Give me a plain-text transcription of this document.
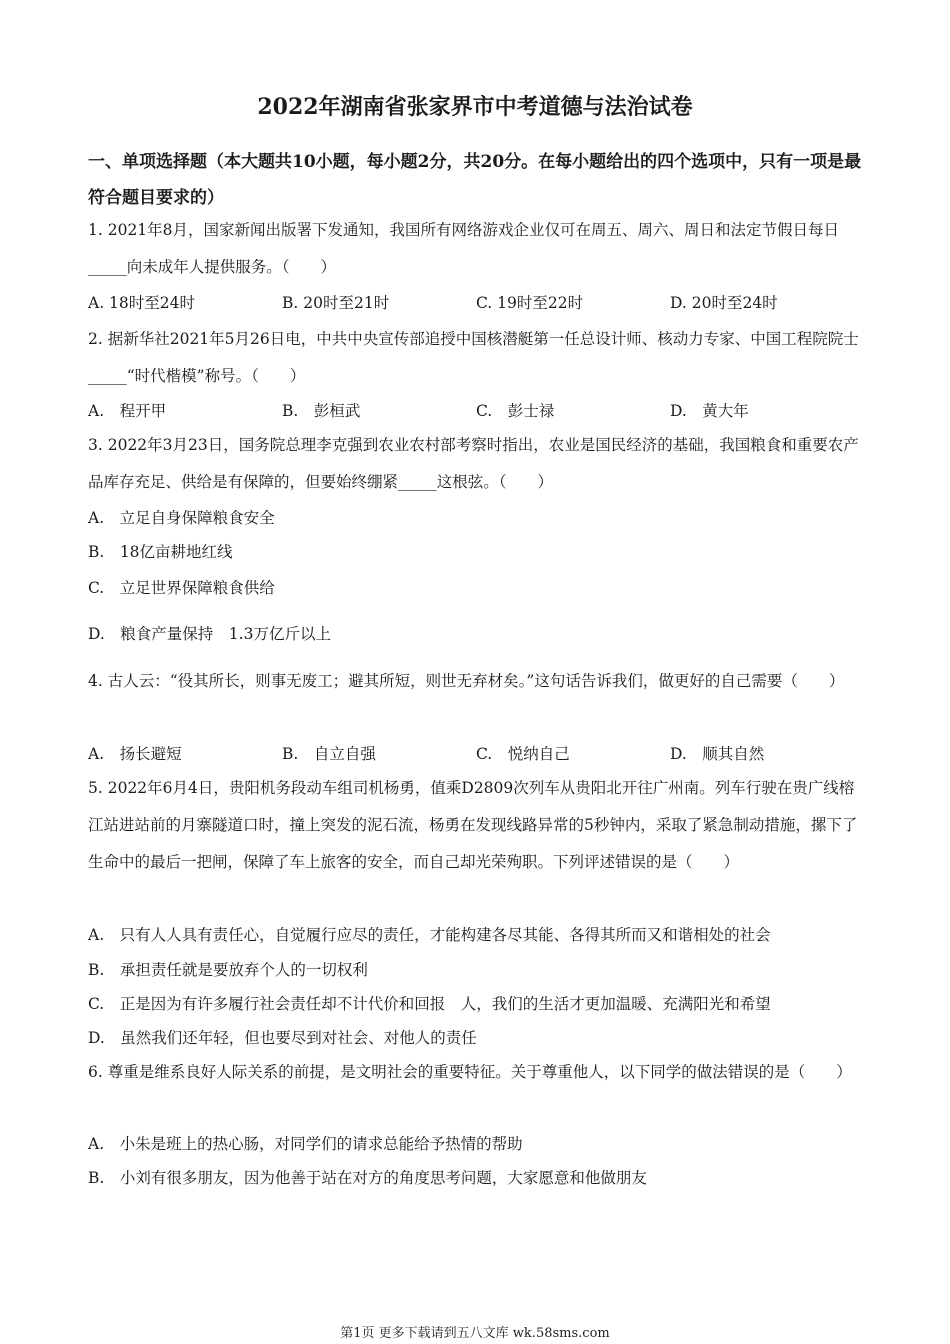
2022年湖南省张家界市中考道德与法治试卷
一、单项选择题（本大题共10小题，每小题2分，共20分。在每小题给出的四个选项中，只有一项是最符合题目要求的）
1. 2021年8月，国家新闻出版署下发通知，我国所有网络游戏企业仅可在周五、周六、周日和法定节假日每日_____向未成年人提供服务。（　　）
A. 18时至24时	B. 20时至21时	C. 19时至22时	D. 20时至24时
2. 据新华社2021年5月26日电，中共中央宣传部追授中国核潜艇第一任总设计师、核动力专家、中国工程院院士_____“时代楷模”称号。（　　）
A.　程开甲	B.　彭桓武	C.　彭士禄	D.　黄大年
3. 2022年3月23日，国务院总理李克强到农业农村部考察时指出，农业是国民经济的基础，我国粮食和重要农产品库存充足、供给是有保障的，但要始终绷紧_____这根弦。（　　）
A.　立足自身保障粮食安全
B.　18亿亩耕地红线
C.　立足世界保障粮食供给
D.　粮食产量保持　1.3万亿斤以上
4. 古人云：“役其所长，则事无废工；避其所短，则世无弃材矣。”这句话告诉我们，做更好的自己需要（　　）
A.　扬长避短	B.　自立自强	C.　悦纳自己	D.　顺其自然
5. 2022年6月4日，贵阳机务段动车组司机杨勇，值乘D2809次列车从贵阳北开往广州南。列车行驶在贵广线榕江站进站前的月寨隧道口时，撞上突发的泥石流，杨勇在发现线路异常的5秒钟内，采取了紧急制动措施，摞下了生命中的最后一把闸，保障了车上旅客的安全，而自己却光荣殉职。下列评述错误的是（　　）
A.　只有人人具有责任心，自觉履行应尽的责任，才能构建各尽其能、各得其所而又和谐相处的社会
B.　承担责任就是要放弃个人的一切权利
C.　正是因为有许多履行社会责任却不计代价和回报　人，我们的生活才更加温暖、充满阳光和希望
D.　虽然我们还年轻，但也要尽到对社会、对他人的责任
6. 尊重是维系良好人际关系的前提，是文明社会的重要特征。关于尊重他人，以下同学的做法错误的是（　　）
A.　小朱是班上的热心肠，对同学们的请求总能给予热情的帮助
B.　小刘有很多朋友，因为他善于站在对方的角度思考问题，大家愿意和他做朋友
第1页 更多下载请到五八文库 wk.58sms.com
